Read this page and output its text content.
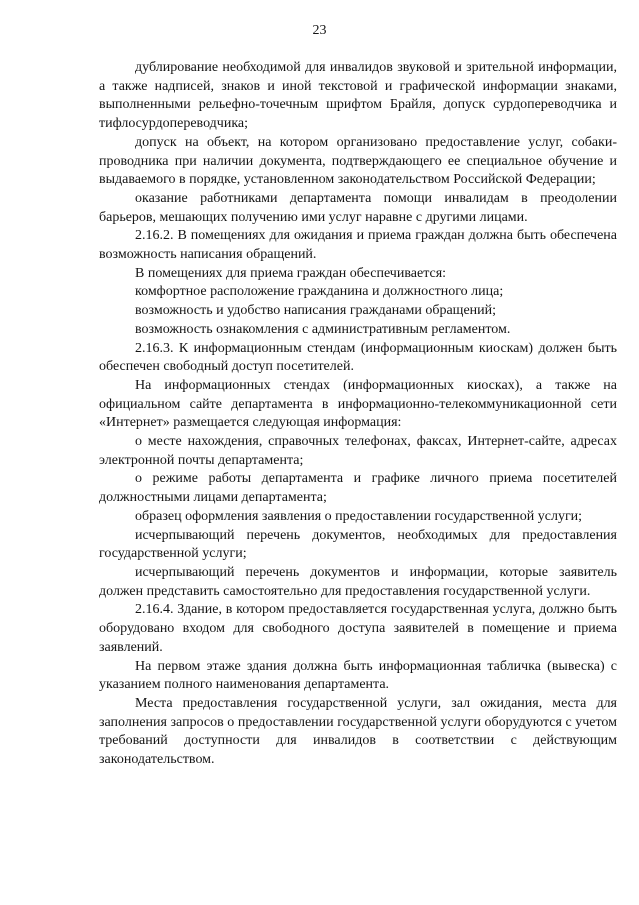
23

дублирование необходимой для инвалидов звуковой и зрительной информации, а также надписей, знаков и иной текстовой и графической информации знаками, выполненными рельефно-точечным шрифтом Брайля, допуск сурдопереводчика и тифлосурдопереводчика;

допуск на объект, на котором организовано предоставление услуг, собаки-проводника при наличии документа, подтверждающего ее специальное обучение и выдаваемого в порядке, установленном законодательством Российской Федерации;

оказание работниками департамента помощи инвалидам в преодолении барьеров, мешающих получению ими услуг наравне с другими лицами.

2.16.2. В помещениях для ожидания и приема граждан должна быть обеспечена возможность написания обращений.

В помещениях для приема граждан обеспечивается:

комфортное расположение гражданина и должностного лица;

возможность и удобство написания гражданами обращений;

возможность ознакомления с административным регламентом.

2.16.3. К информационным стендам (информационным киоскам) должен быть обеспечен свободный доступ посетителей.

На информационных стендах (информационных киосках), а также на официальном сайте департамента в информационно-телекоммуникационной сети «Интернет» размещается следующая информация:

о месте нахождения, справочных телефонах, факсах, Интернет-сайте, адресах электронной почты департамента;

о режиме работы департамента и графике личного приема посетителей должностными лицами департамента;

образец оформления заявления о предоставлении государственной услуги;

исчерпывающий перечень документов, необходимых для предоставления государственной услуги;

исчерпывающий перечень документов и информации, которые заявитель должен представить самостоятельно для предоставления государственной услуги.

2.16.4. Здание, в котором предоставляется государственная услуга, должно быть оборудовано входом для свободного доступа заявителей в помещение и приема заявлений.

На первом этаже здания должна быть информационная табличка (вывеска) с указанием полного наименования департамента.

Места предоставления государственной услуги, зал ожидания, места для заполнения запросов о предоставлении государственной услуги оборудуются с учетом требований доступности для инвалидов в соответствии с действующим законодательством.
